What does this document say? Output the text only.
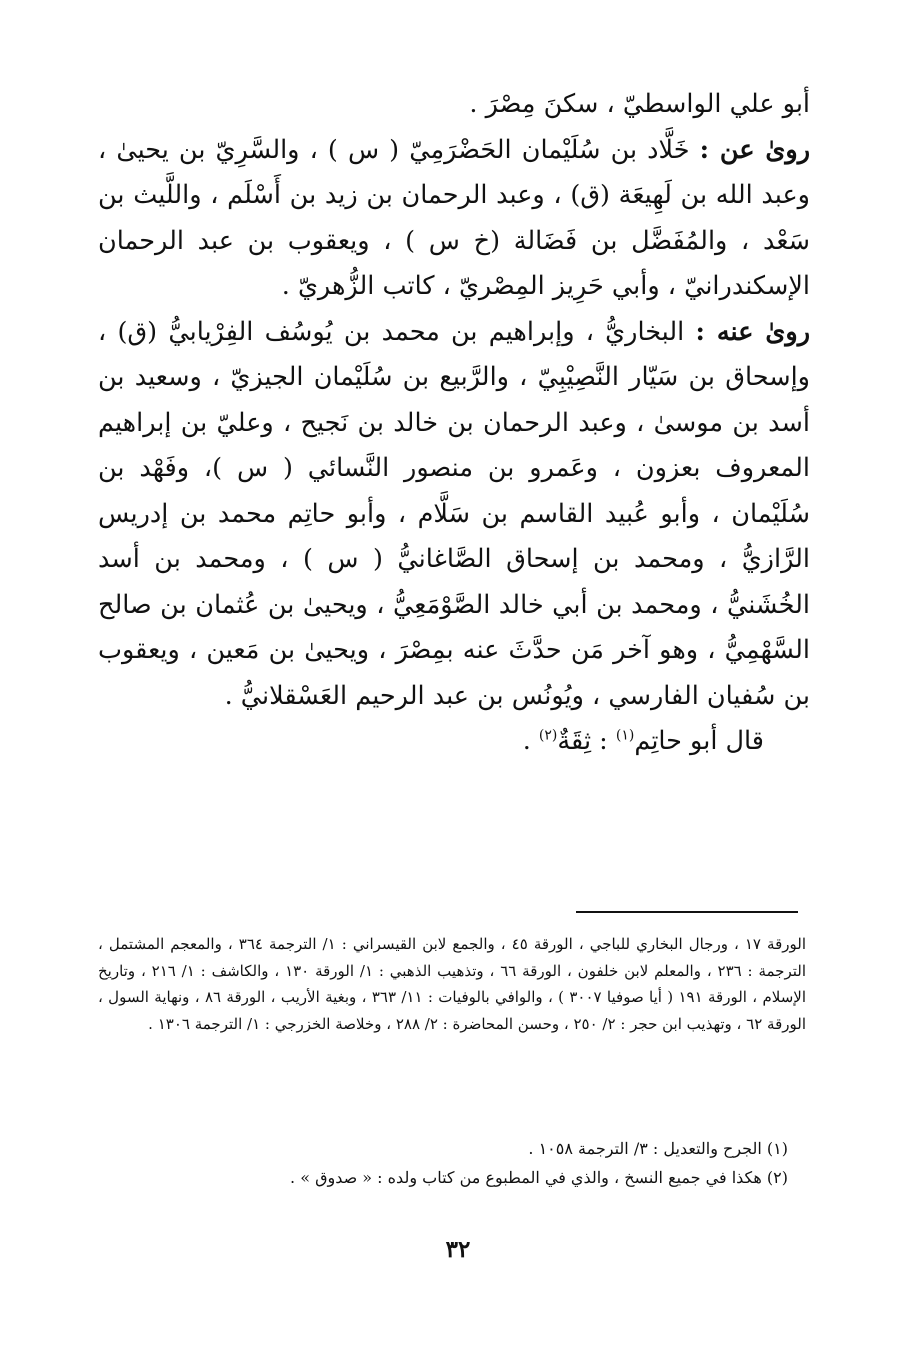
أبو علي الواسطيّ ، سكنَ مِصْرَ .

روىٰ عن : خَلَّاد بن سُلَيْمان الحَضْرَمِيّ ( س ) ، والسَّرِيّ بن يحيىٰ ، وعبد الله بن لَهِيعَة (ق) ، وعبد الرحمان بن زيد بن أَسْلَم ، واللَّيث بن سَعْد ، والمُفَضَّل بن فَضَالة (خ س ) ، ويعقوب بن عبد الرحمان الإسكندرانيّ ، وأبي حَرِيز المِصْريّ ، كاتب الزُّهريّ .

روىٰ عنه : البخاريُّ ، وإبراهيم بن محمد بن يُوسُف الفِرْيابيُّ (ق) ، وإسحاق بن سَيّار النَّصِيْبِيّ ، والرَّبيع بن سُلَيْمان الجيزيّ ، وسعيد بن أسد بن موسىٰ ، وعبد الرحمان بن خالد بن نَجيح ، وعليّ بن إبراهيم المعروف بعزون ، وعَمرو بن منصور النَّسائي ( س )، وفَهْد بن سُلَيْمان ، وأبو عُبيد القاسم بن سَلَّام ، وأبو حاتِم محمد بن إدريس الرَّازيُّ ، ومحمد بن إسحاق الصَّاغانيُّ ( س ) ، ومحمد بن أسد الخُشَنيُّ ، ومحمد بن أبي خالد الصَّوْمَعِيُّ ، ويحيىٰ بن عُثمان بن صالح السَّهْمِيُّ ، وهو آخر مَن حدَّثَ عنه بمِصْرَ ، ويحيىٰ بن مَعين ، ويعقوب بن سُفيان الفارسي ، ويُونُس بن عبد الرحيم العَسْقلانيُّ .

قال أبو حاتِم$^{(١)}$ : ثِقَةٌ$^{(٢)}$ .

الورقة ١٧ ، ورجال البخاري للباجي ، الورقة ٤٥ ، والجمع لابن القيسراني : ١/ الترجمة ٣٦٤ ، والمعجم المشتمل ، الترجمة : ٢٣٦ ، والمعلم لابن خلفون ، الورقة ٦٦ ، وتذهيب الذهبي : ١/ الورقة ١٣٠ ، والكاشف : ١/ ٢١٦ ، وتاريخ الإسلام ، الورقة ١٩١ ( أيا صوفيا ٣٠٠٧ ) ، والوافي بالوفيات : ١١/ ٣٦٣ ، وبغية الأريب ، الورقة ٨٦ ، ونهاية السول ، الورقة ٦٢ ، وتهذيب ابن حجر : ٢/ ٢٥٠ ، وحسن المحاضرة : ٢/ ٢٨٨ ، وخلاصة الخزرجي : ١/ الترجمة ١٣٠٦ .

(١) الجرح والتعديل : ٣/ الترجمة ١٠٥٨ .

(٢) هكذا في جميع النسخ ، والذي في المطبوع من كتاب ولده : « صدوق » .

٣٢
